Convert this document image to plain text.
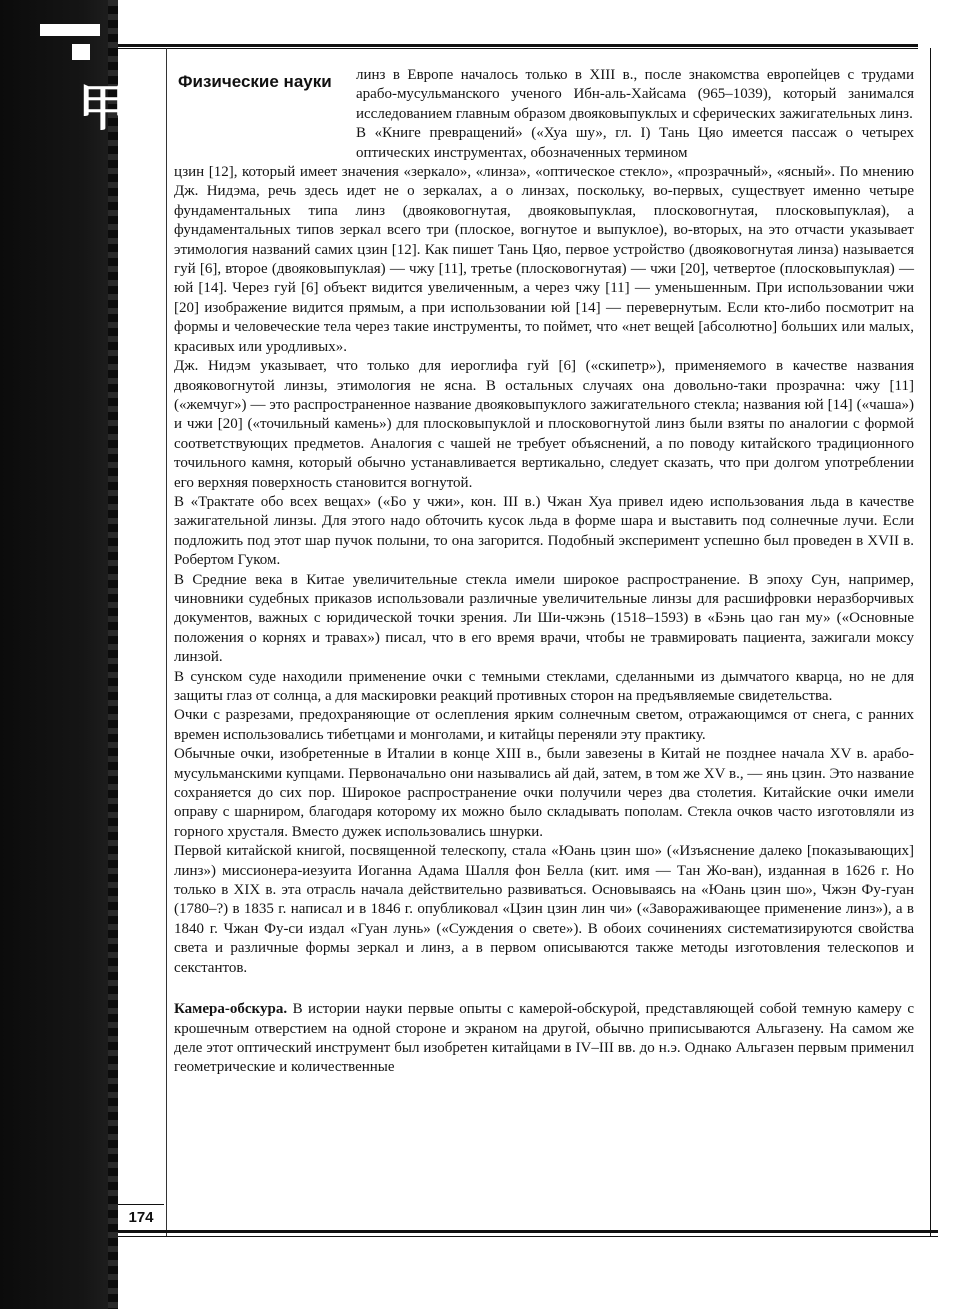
甲	Физические науки	линз в Европе началось только в XIII в., после знакомства европейцев с трудами арабо-мусульманского ученого Ибн-аль-Хайсама (965–1039), который занимался исследованием главным образом двояковыпуклых и сферических зажигательных линз.

В «Книге превращений» («Хуа шу», гл. I) Тань Цяо имеется пассаж о четырех оптических инструментах, обозначенных термином

цзин [12], который имеет значения «зеркало», «линза», «оптическое стекло», «прозрачный», «ясный». По мнению Дж. Нидэма, речь здесь идет не о зеркалах, а о линзах, поскольку, во-первых, существует именно четыре фундаментальных типа линз (двояковогнутая, двояковыпуклая, плосковогнутая, плосковыпуклая), а фундаментальных типов зеркал всего три (плоское, вогнутое и выпуклое), во-вторых, на это отчасти указывает этимология названий самих цзин [12]. Как пишет Тань Цяо, первое устройство (двояковогнутая линза) называется гуй [6], второе (двояковыпуклая) — чжу [11], третье (плосковогнутая) — чжи [20], четвертое (плосковыпуклая) — юй [14]. Через гуй [6] объект видится увеличенным, а через чжу [11] — уменьшенным. При использовании чжи [20] изображение видится прямым, а при использовании юй [14] — перевернутым. Если кто-либо посмотрит на формы и человеческие тела через такие инструменты, то поймет, что «нет вещей [абсолютно] больших или малых, красивых или уродливых».

Дж. Нидэм указывает, что только для иероглифа гуй [6] («скипетр»), применяемого в качестве названия двояковогнутой линзы, этимология не ясна. В остальных случаях она довольно-таки прозрачна: чжу [11] («жемчуг») — это распространенное название двояковыпуклого зажигательного стекла; названия юй [14] («чаша») и чжи [20] («точильный камень») для плосковыпуклой и плосковогнутой линз были взяты по аналогии с формой соответствующих предметов. Аналогия с чашей не требует объяснений, а по поводу китайского традиционного точильного камня, который обычно устанавливается вертикально, следует сказать, что при долгом употреблении его верхняя поверхность становится вогнутой.

В «Трактате обо всех вещах» («Бо у чжи», кон. III в.) Чжан Хуа привел идею использования льда в качестве зажигательной линзы. Для этого надо обточить кусок льда в форме шара и выставить под солнечные лучи. Если подложить под этот шар пучок полыни, то она загорится. Подобный эксперимент успешно был проведен в XVII в. Робертом Гуком.

В Средние века в Китае увеличительные стекла имели широкое распространение. В эпоху Сун, например, чиновники судебных приказов использовали различные увеличительные линзы для расшифровки неразборчивых документов, важных с юридической точки зрения. Ли Ши-чжэнь (1518–1593) в «Бэнь цао ган му» («Основные положения о корнях и травах») писал, что в его время врачи, чтобы не травмировать пациента, зажигали моксу линзой.

В сунском суде находили применение очки с темными стеклами, сделанными из дымчатого кварца, но не для защиты глаз от солнца, а для маскировки реакций противных сторон на предъявляемые свидетельства.

Очки с разрезами, предохраняющие от ослепления ярким солнечным светом, отражающимся от снега, с ранних времен использовались тибетцами и монголами, и китайцы переняли эту практику.

Обычные очки, изобретенные в Италии в конце XIII в., были завезены в Китай не позднее начала XV в. арабо-мусульманскими купцами. Первоначально они назывались ай дай, затем, в том же XV в., — янь цзин. Это название сохраняется до сих пор. Широкое распространение очки получили через два столетия. Китайские очки имели оправу с шарниром, благодаря которому их можно было складывать пополам. Стекла очков часто изготовляли из горного хрусталя. Вместо дужек использовались шнурки.

Первой китайской книгой, посвященной телескопу, стала «Юань цзин шо» («Изъяснение далеко [показывающих] линз») миссионера-иезуита Иоганна Адама Шалля фон Белла (кит. имя — Тан Жо-ван), изданная в 1626 г. Но только в XIX в. эта отрасль начала действительно развиваться. Основываясь на «Юань цзин шо», Чжэн Фу-гуан (1780–?) в 1835 г. написал и в 1846 г. опубликовал «Цзин цзин лин чи» («Завораживающее применение линз»), а в 1840 г. Чжан Фу-си издал «Гуан лунь» («Суждения о свете»). В обоих сочинениях систематизируются свойства света и различные формы зеркал и линз, а в первом описываются также методы изготовления телескопов и секстантов.

Камера-обскура. В истории науки первые опыты с камерой-обскурой, представляющей собой темную камеру с крошечным отверстием на одной стороне и экраном на другой, обычно приписываются Альгазену. На самом же деле этот оптический инструмент был изобретен китайцами в IV–III вв. до н.э. Однако Альгазен первым применил геометрические и количественные

174
